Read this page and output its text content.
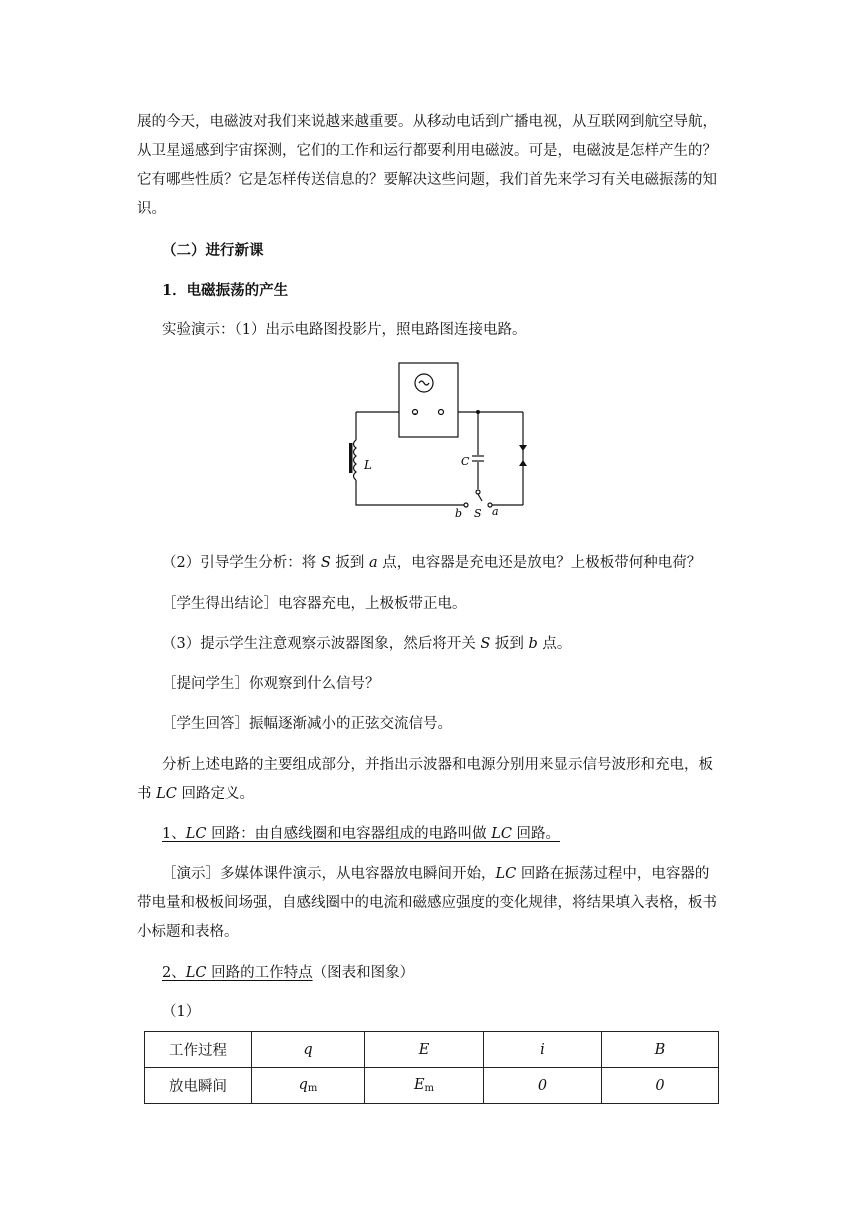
展的今天，电磁波对我们来说越来越重要。从移动电话到广播电视，从互联网到航空导航，
从卫星遥感到宇宙探测，它们的工作和运行都要利用电磁波。可是，电磁波是怎样产生的？
它有哪些性质？它是怎样传送信息的？要解决这些问题，我们首先来学习有关电磁振荡的知
识。
（二）进行新课
1．电磁振荡的产生
实验演示：（1）出示电路图投影片，照电路图连接电路。
L	C
b S a
（2）引导学生分析：将 S 扳到 a 点，电容器是充电还是放电？上极板带何种电荷？
［学生得出结论］电容器充电，上极板带正电。
（3）提示学生注意观察示波器图象，然后将开关 S 扳到 b 点。
［提问学生］你观察到什么信号？
［学生回答］振幅逐渐减小的正弦交流信号。
分析上述电路的主要组成部分，并指出示波器和电源分别用来显示信号波形和充电，板
书 LC 回路定义。
1、LC 回路：由自感线圈和电容器组成的电路叫做 LC 回路。
［演示］多媒体课件演示，从电容器放电瞬间开始，LC 回路在振荡过程中，电容器的
带电量和极板间场强，自感线圈中的电流和磁感应强度的变化规律，将结果填入表格，板书
小标题和表格。
2、LC 回路的工作特点（图表和图象）
（1）
工作过程	q	E	i	B
放电瞬间	$q_m$	$E_m$	0	0
